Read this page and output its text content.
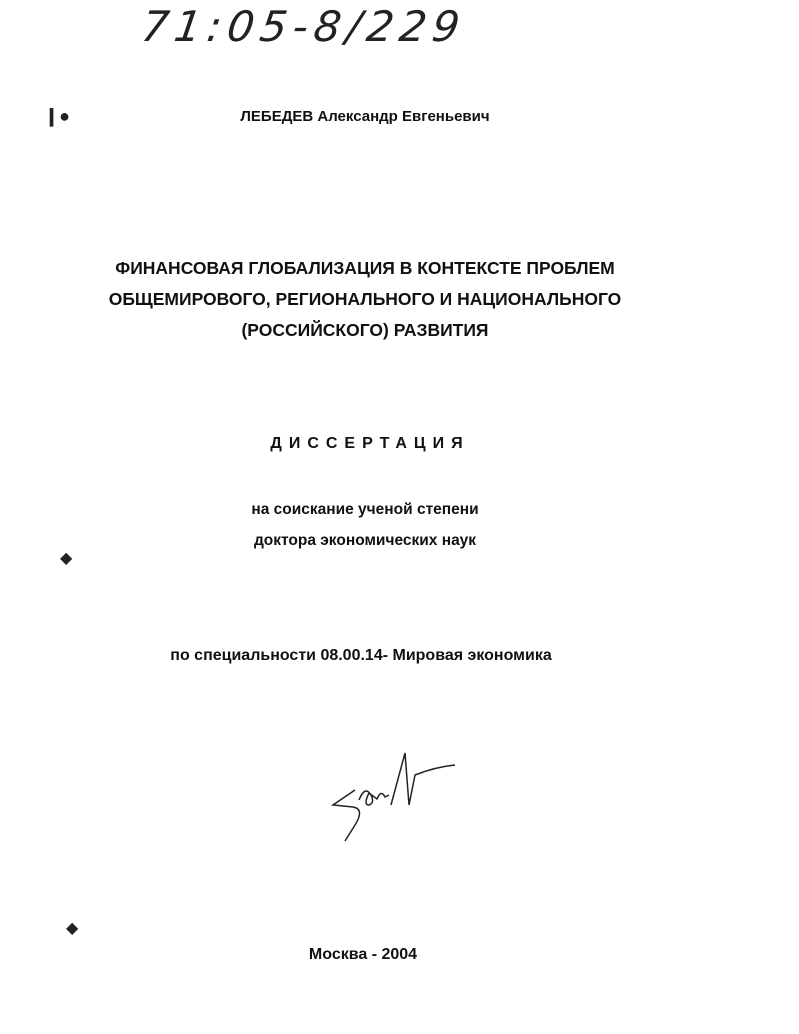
71:05-8/229
❙●
◆
◆
ЛЕБЕДЕВ Александр Евгеньевич
ФИНАНСОВАЯ ГЛОБАЛИЗАЦИЯ В КОНТЕКСТЕ ПРОБЛЕМ
ОБЩЕМИРОВОГО, РЕГИОНАЛЬНОГО И НАЦИОНАЛЬНОГО
(РОССИЙСКОГО) РАЗВИТИЯ
ДИССЕРТАЦИЯ
на соискание ученой степени
доктора экономических наук
по специальности 08.00.14- Мировая экономика
Москва - 2004
